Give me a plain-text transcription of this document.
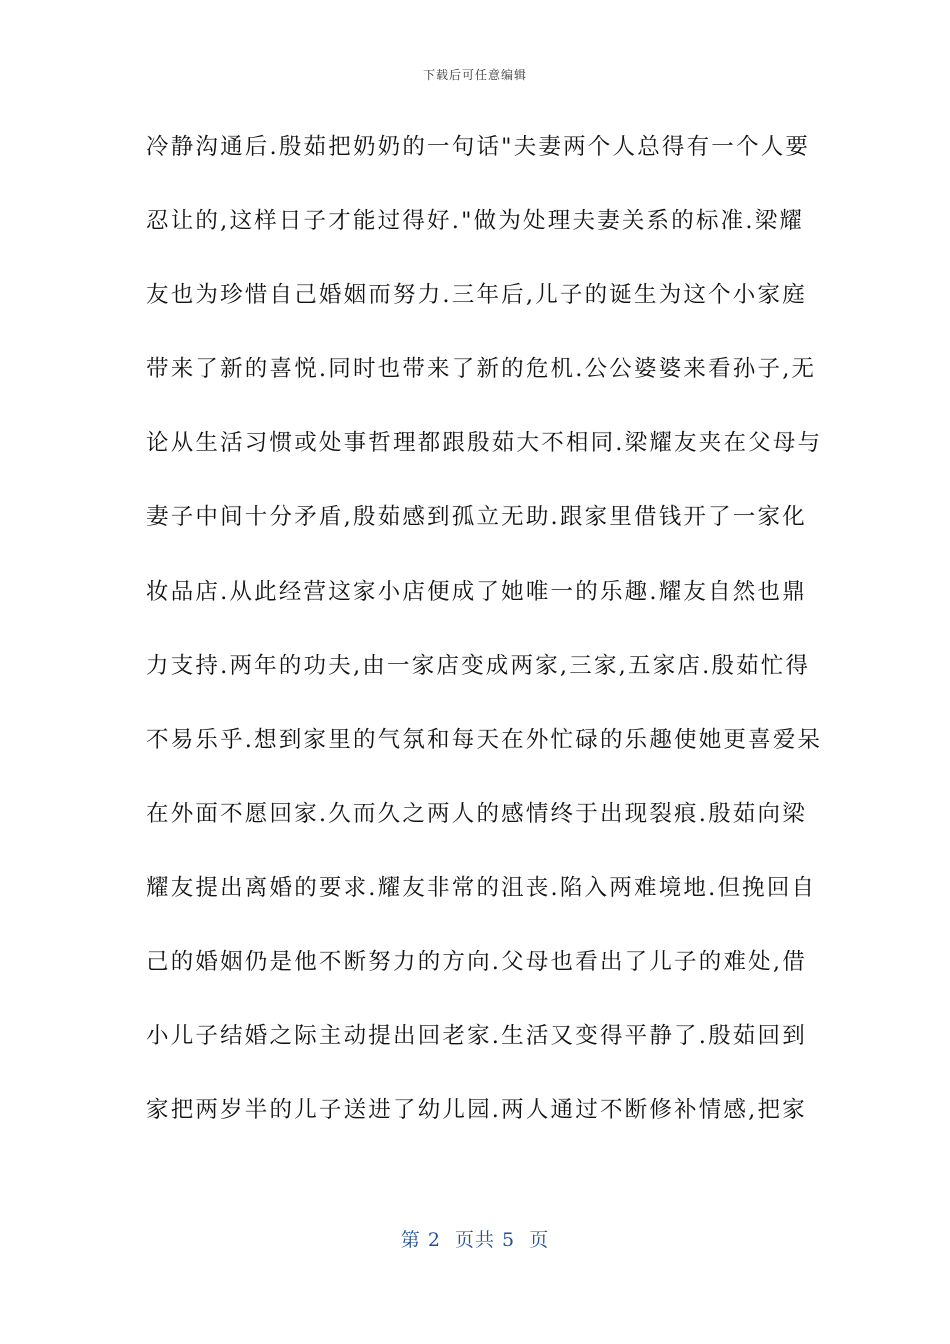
下载后可任意编辑
冷静沟通后.殷茹把奶奶的一句话"夫妻两个人总得有一个人要
忍让的,这样日子才能过得好."做为处理夫妻关系的标准.梁耀
友也为珍惜自己婚姻而努力.三年后,儿子的诞生为这个小家庭
带来了新的喜悦.同时也带来了新的危机.公公婆婆来看孙子,无
论从生活习惯或处事哲理都跟殷茹大不相同.梁耀友夹在父母与
妻子中间十分矛盾,殷茹感到孤立无助.跟家里借钱开了一家化
妆品店.从此经营这家小店便成了她唯一的乐趣.耀友自然也鼎
力支持.两年的功夫,由一家店变成两家,三家,五家店.殷茹忙得
不易乐乎.想到家里的气氛和每天在外忙碌的乐趣使她更喜爱呆
在外面不愿回家.久而久之两人的感情终于出现裂痕.殷茹向梁
耀友提出离婚的要求.耀友非常的沮丧.陷入两难境地.但挽回自
己的婚姻仍是他不断努力的方向.父母也看出了儿子的难处,借
小儿子结婚之际主动提出回老家.生活又变得平静了.殷茹回到
家把两岁半的儿子送进了幼儿园.两人通过不断修补情感,把家
第 2  页共 5  页
